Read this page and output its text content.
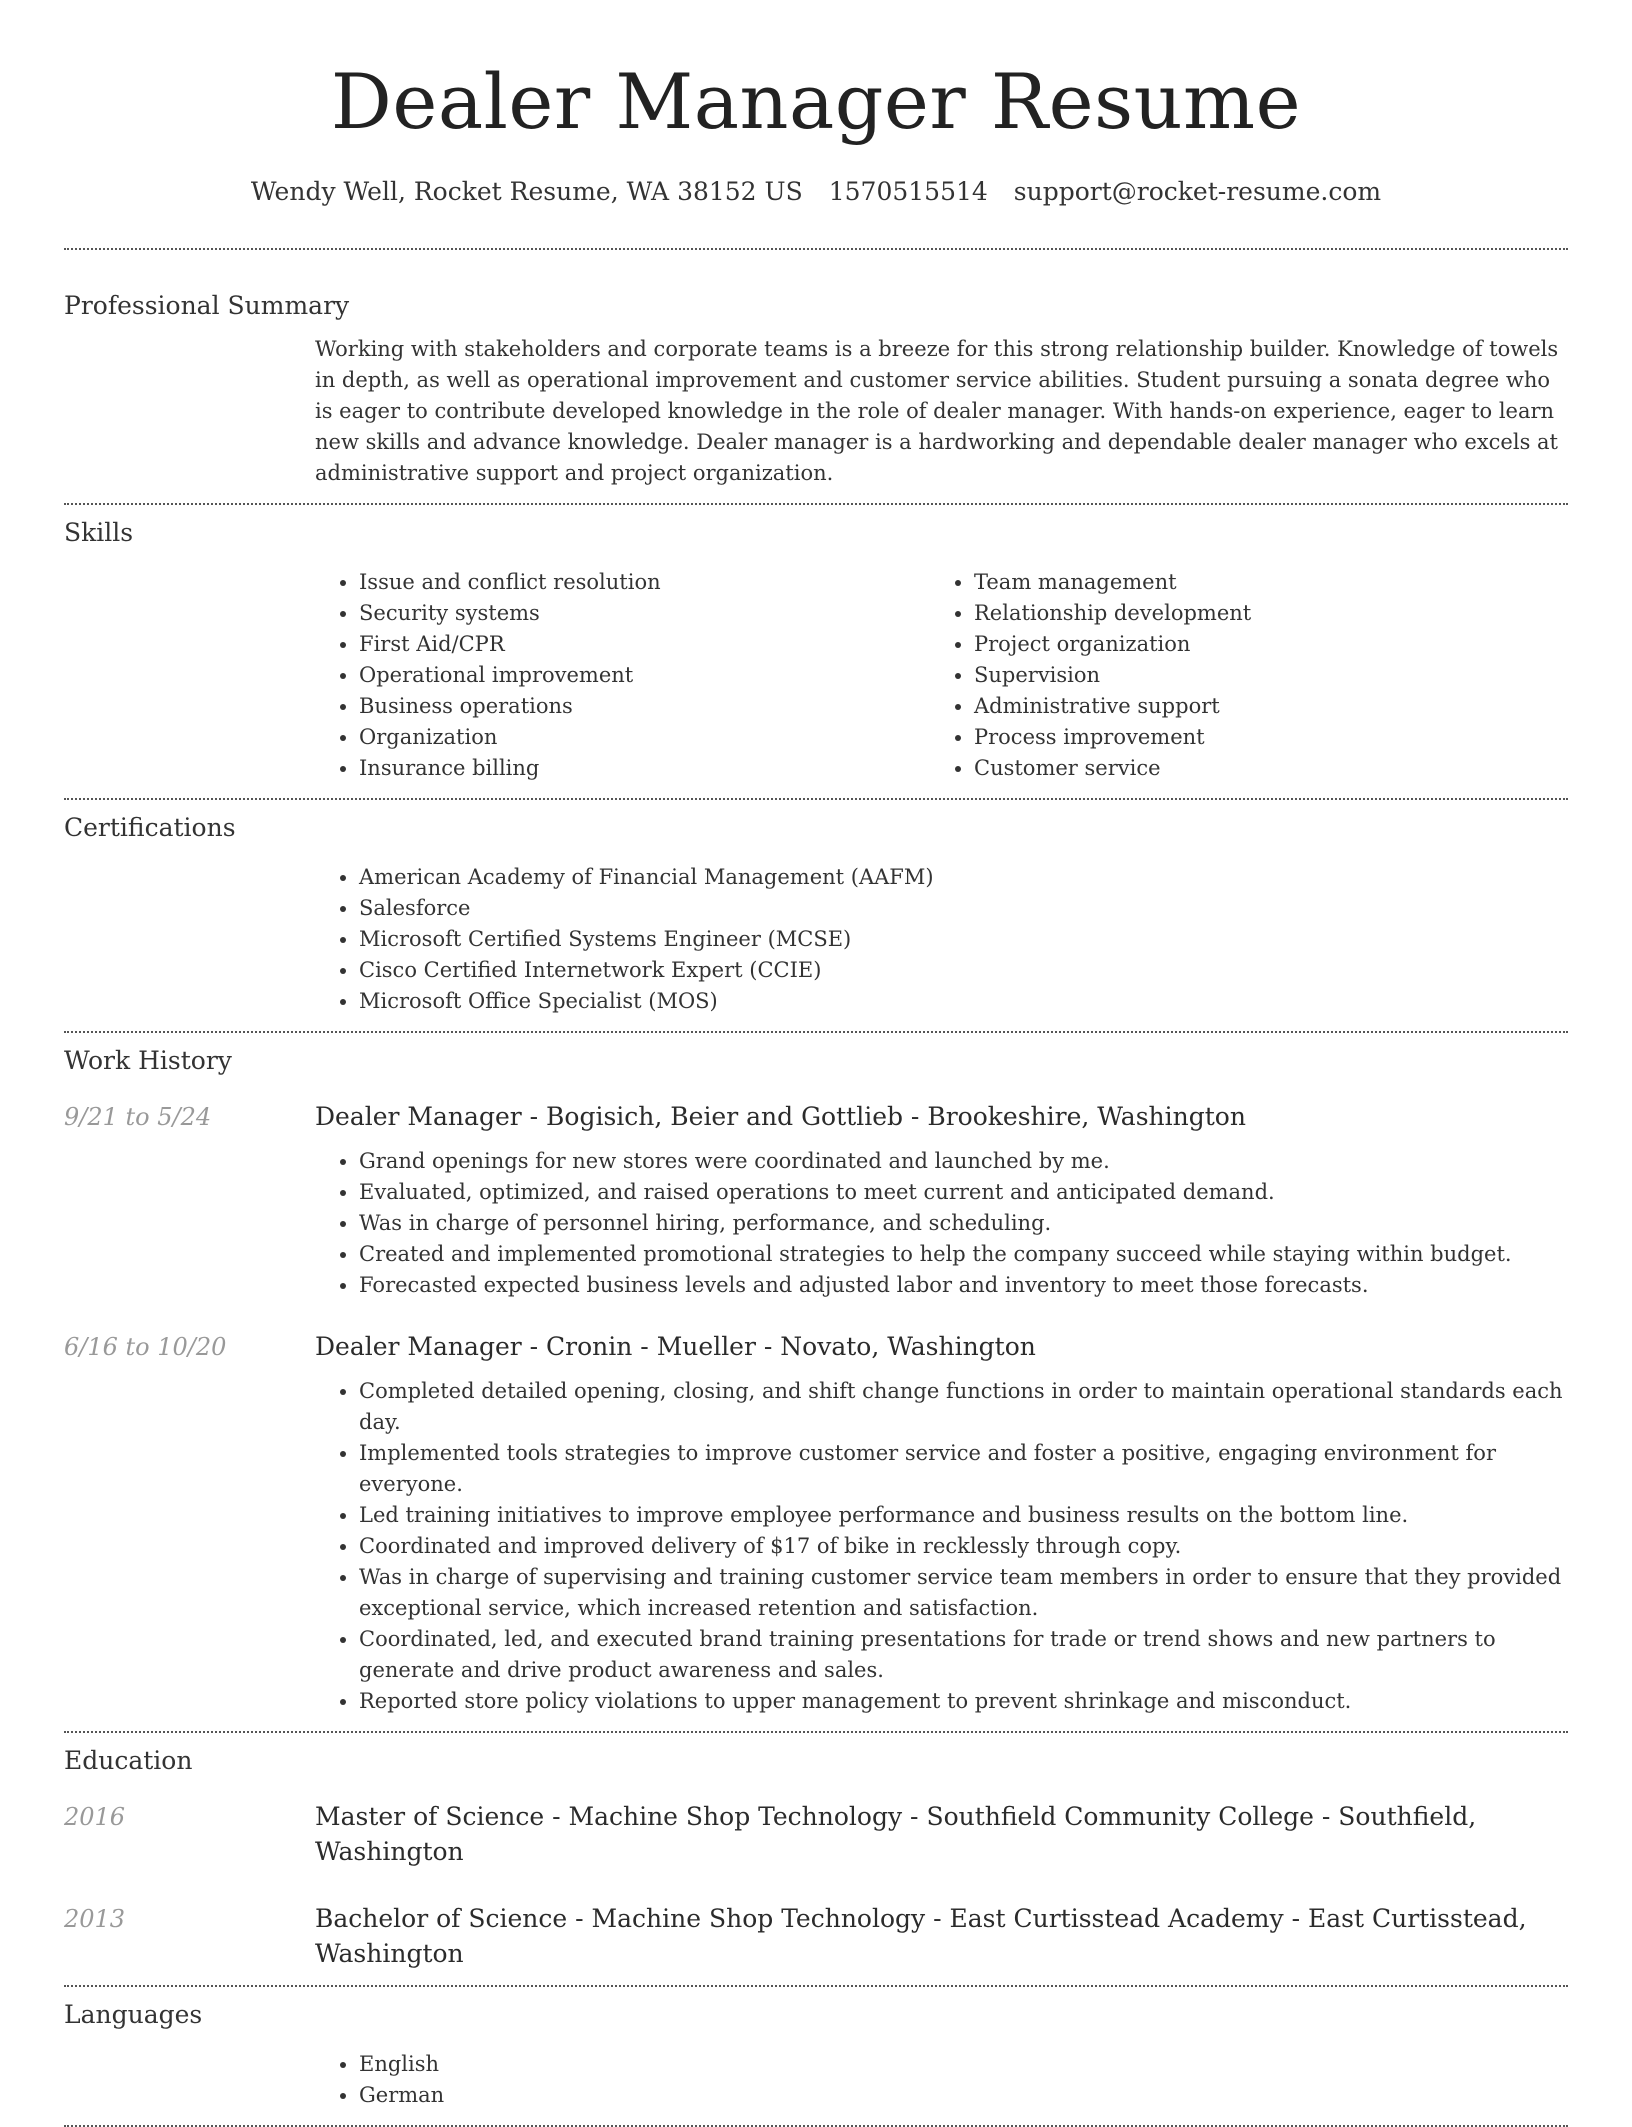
Dealer Manager Resume
Wendy Well, Rocket Resume, WA 38152 US 1570515514 support@rocket-resume.com
Professional Summary
Working with stakeholders and corporate teams is a breeze for this strong relationship builder. Knowledge of towels in depth, as well as operational improvement and customer service abilities. Student pursuing a sonata degree who is eager to contribute developed knowledge in the role of dealer manager. With hands-on experience, eager to learn new skills and advance knowledge. Dealer manager is a hardworking and dependable dealer manager who excels at administrative support and project organization.
Skills
• Issue and conflict resolution
• Security systems
• First Aid/CPR
• Operational improvement
• Business operations
• Organization
• Insurance billing
• Team management
• Relationship development
• Project organization
• Supervision
• Administrative support
• Process improvement
• Customer service
Certifications
• American Academy of Financial Management (AAFM)
• Salesforce
• Microsoft Certified Systems Engineer (MCSE)
• Cisco Certified Internetwork Expert (CCIE)
• Microsoft Office Specialist (MOS)
Work History
9/21 to 5/24	Dealer Manager - Bogisich, Beier and Gottlieb - Brookeshire, Washington
• Grand openings for new stores were coordinated and launched by me.
• Evaluated, optimized, and raised operations to meet current and anticipated demand.
• Was in charge of personnel hiring, performance, and scheduling.
• Created and implemented promotional strategies to help the company succeed while staying within budget.
• Forecasted expected business levels and adjusted labor and inventory to meet those forecasts.
6/16 to 10/20	Dealer Manager - Cronin - Mueller - Novato, Washington
• Completed detailed opening, closing, and shift change functions in order to maintain operational standards each day.
• Implemented tools strategies to improve customer service and foster a positive, engaging environment for everyone.
• Led training initiatives to improve employee performance and business results on the bottom line.
• Coordinated and improved delivery of $17 of bike in recklessly through copy.
• Was in charge of supervising and training customer service team members in order to ensure that they provided exceptional service, which increased retention and satisfaction.
• Coordinated, led, and executed brand training presentations for trade or trend shows and new partners to generate and drive product awareness and sales.
• Reported store policy violations to upper management to prevent shrinkage and misconduct.
Education
2016	Master of Science - Machine Shop Technology - Southfield Community College - Southfield, Washington
2013	Bachelor of Science - Machine Shop Technology - East Curtisstead Academy - East Curtisstead, Washington
Languages
• English
• German
